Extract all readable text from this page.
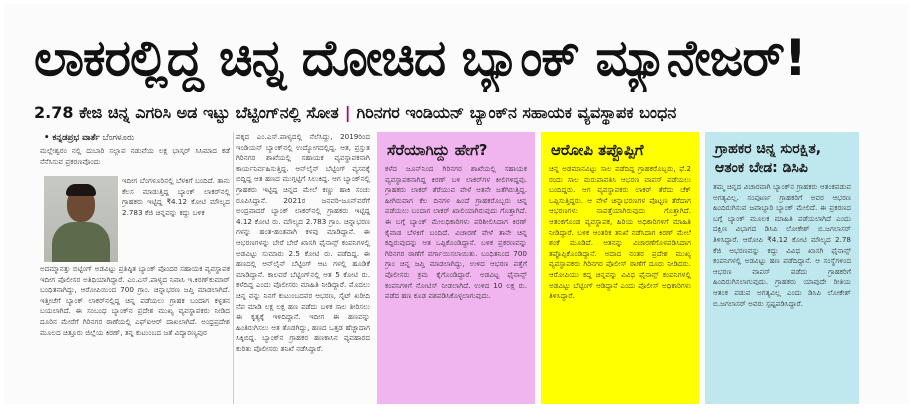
ಲಾಕರಲ್ಲಿದ್ದ ಚಿನ್ನ ದೋಚಿದ ಬ್ಯಾಂಕ್ ಮ್ಯಾನೇಜರ್!
2.78 ಕೇಜಿ ಚಿನ್ನ ಎಗರಿಸಿ ಅಡ ಇಟ್ಟು ಬೆಟ್ಟಿಂಗ್‌ನಲ್ಲಿ ಸೋತ | ಗಿರಿನಗರ ಇಂಡಿಯನ್ ಬ್ಯಾಂಕ್‌ನ ಸಹಾಯಕ ವ್ಯವಸ್ಥಾಪಕ ಬಂಧನ
• ಕನ್ನಡಪ್ರಭ ವಾರ್ತೆ ಬೆಂಗಳೂರು
ಮಲ್ಲೇಶ್ವರಂ ನಲ್ಲಿ ದುಬಾರಿ ಸಲ್ಲಾಪ ನಡುವೆಯ ಲಕ್ಷ ಭಾಸ್ಕರ್ ಸಿಸಿಮಾದ ಕಡೆ ನೆನೆಸಿಸುವ ಪ್ರಕರಣವೊಂದು
ಇದೀಗ ಬೆಂಗಳೂರಿನಲ್ಲಿ ಬೆಳಕಿಗೆ ಬಂದಿದೆ. ತಾನು ಕೆಲಸ ಮಾಡುತ್ತಿದ್ದ ಬ್ಯಾಂಕ್ ಲಾಕರ್‌ನಲ್ಲಿ ಗ್ರಾಹಕರು ಇಟ್ಟಿದ್ದ ₹4.12 ಕೋಟಿ ಮೌಲ್ಯದ 2.783 ಕೆಜಿ ಚಿನ್ನವನ್ನು ಕದ್ದು ಬಳಿಕ
ಅದಮ್ಮಾನತ್ತು ಬಿಟ್ಟಿಂಗ್‌ ಅಡವಿಟ್ಟು ಪ್ರತಿಷ್ಠಿತ ಬ್ಯಾಂಕ್ ಪೊಂದರ ಸಹಾಯಕ ವ್ಯವಸ್ಥಾಪಕ ಇದೀಗ ಪೊಲೀಸರ ಅತಿಥಿಯಾಗಿದ್ದಾರೆ. ಎಂ.ಎಸ್.ಪಾಳ್ಯದ ನಿವಾಸಿ ಇ.ಕಿರಣ್‌ಕುಮಾರ್ ಬಂಧಿತನಾಗಿದ್ದು, ಆರೋಪಿಯಿಂದ 700 ಗ್ರಾಂ. ಚಿನ್ನಾಭರಣ ಜಪ್ತಿ ಮಾಡಲಾಗಿದೆ. ಇತ್ತೀಚೆಗೆ ಬ್ಯಾಂಕ್ ಲಾಕರ್‌ನಲ್ಲಿದ್ದ ಚಿನ್ನ ಪಡೆಯಲು ಗ್ರಾಹಕ ಬಂದಾಗ ಕಳ್ಳತನ ಬಯಲಾಗಿದೆ. ಈ ಸಂಬಂಧ ಬ್ಯಾಂಕ್‌ನ ಪ್ರದೇಶ ಮುಖ್ಯ ವ್ಯವಸ್ಥಾಪಕರು ನೀಡಿದ ದೂರಿನ ಮೇರೆಗೆ ಗಿರಿನಗರ ಠಾಣೆಯಲ್ಲಿ ಎಫ್‌ಐಆರ್ ದಾಖಲಾಗಿದೆ. ಅಂಧ್ರಪ್ರದೇಶ ಮೂಲದ ಚಿತ್ತೂರು ಜಿಲ್ಲೆಯ ಕಿರಣ್, ತನ್ನ ಕುಟುಂಬದ ಜತೆ ವಿದ್ಯಾರಣ್ಯಪುರ
ಪಕ್ಕದ ಎಂ.ಎಸ್.ಪಾಳ್ಯದಲ್ಲಿ ನೆಲೆಸಿದ್ದು, 2019ರಿಂದ ಇಂಡಿಯನ್ ಬ್ಯಾಂಕ್‌ನಲ್ಲಿ ಉದ್ಯೋಗದಲ್ಲಿದ್ದ. ಆತ, ಪ್ರಸ್ತುತ ಗಿರಿನಗರ ಶಾಖೆಯಲ್ಲಿ ಸಹಾಯಕ ವ್ಯವಸ್ಥಾಪಕನಾಗಿ ಕಾರ್ಯನಿರ್ವಹಿಸುತ್ತಿದ್ದ. ಆನ್‌ಲೈನ್ ಬೆಟ್ಟಿಂಗ್ ವ್ಯಸನಕ್ಕೆ ಬಿದ್ದಿದ್ದ ಆತ ಹಣದ ಮುಗ್ಗಟ್ಟಿಗೆ ಸಿಲುಕಿದ್ದ. ಆಗ ಬ್ಯಾಂಕ್‌ನಲ್ಲಿ ಗ್ರಾಹಕರು ಇಟ್ಟಿದ್ದ ಚಿನ್ನದ ಮೇಲೆ ಕಣ್ಣು ಹಾಕಿ ಸಂಚು ರೂಪಿಸಿದ್ದಾನೆ. 2021ರ ಜನವರಿ-ಜೂನ್‌ವರೆಗೆ ಅಂದ್ರವಾದರೆ ಬ್ಯಾಂಕ್ ಲಾಕರ್‌ನಲ್ಲಿ ಗ್ರಾಹಕರು ಇಟ್ಟಿದ್ದ 4.12 ಕೋಟಿ ರು. ಮೌಲ್ಯದ 2.783 ಗ್ರಾಂ. ಚಿನ್ನಾಭರಣ ಗಳನ್ನು ಹಂತ-ಹಂತವಾಗಿ ಕಳವು ಮಾಡಿದ್ದಾನೆ. ಈ ಆಭರಣಗಳನ್ನು ಬೇರೆ ಬೇರೆ ಖಾಸಗಿ ಫೈನಾನ್ಸ್ ಕಂಪನಿಗಳಲ್ಲಿ ಅಡವಿಟ್ಟು ಸುಮಾರು 2.5 ಕೋಟಿ ರು. ಪಡೆದಿದ್ದ. ಈ ಹಣದಲ್ಲಿ ಆನ್‌ಲೈನ್ ಬೆಟ್ಟಿಂಗ್ ಆಟ ಗಳಲ್ಲಿ ಹೂಡಿಕೆ ಮಾಡಿದ್ದಾನೆ. ಕಾಲವರೆ ಬೆಟ್ಟಿಂಗ್‌ನಲ್ಲಿ ಆತ 5 ಕೋಟಿ ರು. ಕಳೆದಿದ್ದ ಎಂದು ಪೊಲೀಸರು ಮಾಹಿತಿ ನೀಡಿದ್ದಾರೆ. ಮೊದಲು ಚಿನ್ನ ವನ್ನು ನಿನಗೆ ಕುಟುಂಬದವರ ಆಭರಣ, ಸೈಟ್ ಖರೀದಿ ನೆಪ ಮಾಡಿ ಲಕ್ಷ ಲಕ್ಷ ಹಣ ಪಡೆದು ಬಳಿಕ ಸಾಲ ತೀರಿಸಲು ಈ ಕೃತ್ಯಕ್ಕೆ ಇಳಿದಿದ್ದಾನೆ. ಇದೀಗ ಈ ಹಣವನ್ನು ಹಿಂತಿರುಗಿಸಲು ಆತ ತೊಡಗಿದ್ದು, ಹಣದ ಒತ್ತಡ ಹೆಚ್ಚಾದಾಗ ಸಿಕ್ಕಿಬಿದ್ದ. ಬ್ಯಾಂಕ್‌ನ ಗ್ರಾಹಕರ ಹಣಕಾಸಿನ ವ್ಯವಹಾರದ ಕುರಿತು ಪೊಲೀಸರು ತನಿಖೆ ನಡೆಸಿದ್ದಾರೆ.
ಸೆರೆಯಾಗಿದ್ದು ಹೇಗೆ?
ಕಳೆದ ಜೂನ್‌ನಿಂದ ಗಿರಿನಗರ ಶಾಖೆಯಲ್ಲಿ ಸಹಾಯಕ ವ್ಯವಸ್ಥಾಪಕನಾಗಿದ್ದ ಕಿರಣ್ ಬಳಿ ಲಾಕರ್‌ಗಳ ಕೀಲಿಗಳಿದ್ದವು. ಗ್ರಾಹಕರು ಲಾಕರ್ ತೆರೆಯುವ ವೇಳೆ ಆತನೇ ಜತೆಗಿರುತ್ತಿದ್ದ. ಹೀಗಿರುವಾಗ ಕೆಲ ದಿನಗಳ ಹಿಂದೆ ಗ್ರಾಹಕರೊಬ್ಬರು ಚಿನ್ನ ಪಡೆಯಲು ಬಂದಾಗ ಲಾಕರ್ ಖಾಲಿಯಾಗಿರುವುದು ಗೊತ್ತಾಗಿದೆ. ಈ ಬಗ್ಗೆ ಬ್ಯಾಂಕ್ ಮೇಲಧಿಕಾರಿಗಳು ಪರಿಶೀಲಿಸಿದಾಗ ಕಿರಣ್ ಕೈವಾಡ ಬೆಳಕಿಗೆ ಬಂದಿದೆ. ವಿಚಾರಣೆ ವೇಳೆ ತಾನೇ ಚಿನ್ನ ಕದ್ದಿರುವುದನ್ನು ಆತ ಒಪ್ಪಿಕೊಂಡಿದ್ದಾನೆ. ಬಳಿಕ ಪ್ರಕರಣವನ್ನು ಗಿರಿನಗರ ಠಾಣೆಗೆ ವರ್ಗಾಯಿಸಲಾಯಿತು. ಬಂಧಿತನಿಂದ 700 ಗ್ರಾಂ ಚಿನ್ನ ಜಪ್ತಿ ಮಾಡಲಾಗಿದ್ದು, ಉಳಿದ ಆಭರಣ ಪತ್ತೆಗೆ ಪೊಲೀಸರು ಕ್ರಮ ಕೈಗೊಂಡಿದ್ದಾರೆ. ಅಡವಿಟ್ಟ ಫೈನಾನ್ಸ್ ಕಂಪನಿಗಳಿಗೆ ನೋಟಿಸ್ ನೀಡಲಾಗಿದೆ. ಉಳಿದ 10 ಲಕ್ಷ ರು. ಪಡೆದ ಹಣ ಕೂಡ ವಶಪಡಿಸಿಕೊಳ್ಳಲಾಗುವುದು.
ಆರೋಪಿ ತಪ್ಪೊಪ್ಪಿಗೆ
ಚಿನ್ನ ಅಡಮಾನವಿಟ್ಟು ಸಾಲ ಪಡೆದಿದ್ದ ಗ್ರಾಹಕರೊಬ್ಬರು, ಫೆ.2 ರಂದು ಸಾಲ ಮರುಪಾವತಿಸಿ ಆಭರಣ ವಾಪಸ್ ಪಡೆಯಲು ಬಂದಿದ್ದರು. ಆಗ ವ್ಯವಸ್ಥಾಪಕರು ಲಾಕರ್ ತೆರೆದು ಚೆಕ್ ಒಪ್ಪಿಸುತ್ತಿದ್ದರು. ಆ ವೇಳೆ ಚಿನ್ನಾಭರಣಗಳ ಪೊಟ್ಟಣ ತೆರೆದಾಗ ಆಭರಣಗಳು ನಾಪತ್ತೆಯಾಗಿರುವುದು ಗೊತ್ತಾಗಿದೆ. ಆತಂಕಗೊಂಡ ವ್ಯವಸ್ಥಾಪಕ, ಹಿರಿಯ ಅಧಿಕಾರಿಗಳಿಗೆ ಮಾಹಿತಿ ನೀಡಿದ್ದಾರೆ. ಬಳಿಕ ಆಂತರಿಕ ತನಿಖೆ ನಡೆಸಿದಾಗ ಕಿರಣ್ ಮೇಲೆ ಶಂಕೆ ಮೂಡಿದೆ. ಆತನನ್ನು ವಿಚಾರಣೆಗೊಳಪಡಿಸಿದಾಗ ತಪ್ಪೊಪ್ಪಿಕೊಂಡಿದ್ದಾನೆ. ಅದಾದ ನಂತರ ಪ್ರದೇಶ ಮುಖ್ಯ ವ್ಯವಸ್ಥಾಪಕರು ಗಿರಿನಗರ ಪೊಲೀಸ್ ಠಾಣೆಗೆ ದೂರು ನೀಡಿದರು. ಆರೋಪಿಯು ಕದ್ದ ಚಿನ್ನವನ್ನು ವಿವಿಧ ಫೈನಾನ್ಸ್ ಕಂಪನಿಗಳಲ್ಲಿ ಅಡವಿಟ್ಟು ಬೆಟ್ಟಿಂಗ್ ಆಡಿದ್ದಾನೆ ಎಂದು ಪೊಲೀಸ್ ಅಧಿಕಾರಿಗಳು ತಿಳಿಸಿದ್ದಾರೆ.
ಗ್ರಾಹಕರ ಚಿನ್ನ ಸುರಕ್ಷಿತ, ಆತಂಕ ಬೇಡ: ಡಿಸಿಪಿ
ತಮ್ಮ ಚಿನ್ನದ ವಿಚಾರವಾಗಿ ಬ್ಯಾಂಕ್‌ನ ಗ್ರಾಹಕರು ಆತಂಕಪಡುವ ಅಗತ್ಯವಿಲ್ಲ. ಸಂಪೂರ್ಣ ಗ್ರಾಹಕರಿಗೆ ಅವರ ಆಭರಣ ಹಿಂದಿರುಗಿಸುವ ಜವಾಬ್ದಾರಿ ಬ್ಯಾಂಕ್ ಮೇಲಿದೆ. ಈ ಪ್ರಕರಣದ ಬಗ್ಗೆ ಬ್ಯಾಂಕ್ ಮೂಲಕ ಮಾಹಿತಿ ಪಡೆಯಲಾಗಿದೆ ಎಂದು ದಕ್ಷಿಣ ವಿಭಾಗದ ಡಿಸಿಪಿ ಲೋಕೇಶ್ ಬಿ.ಜಗಲಾಸರ್ ತಿಳಿಸಿದ್ದಾರೆ. ಆರೋಪಿ ₹4.12 ಕೋಟಿ ಮೌಲ್ಯದ 2.78 ಕೆಜಿ ಆಭರಣವನ್ನು ಕದ್ದು ವಿವಿಧ ಖಾಸಗಿ ಫೈನಾನ್ಸ್ ಕಂಪನಿಗಳಲ್ಲಿ ಅಡವಿಟ್ಟು ಹಣ ಪಡೆದಿದ್ದಾನೆ. ಆ ಸಂಸ್ಥೆಗಳಿಂದ ಆಭರಣ ವಾಪಸ್ ಪಡೆದು ಗ್ರಾಹಕರಿಗೆ ಹಿಂದಿರುಗಿಸಲಾಗುವುದು. ಗ್ರಾಹಕರು ಯಾವುದೇ ರೀತಿಯ ಆತಂಕ ಪಡುವ ಅಗತ್ಯವಿಲ್ಲ ಎಂದು ಡಿಸಿಪಿ ಲೋಕೇಶ್ ಬಿ.ಜಗಲಾಸರ್ ಅವರು ಸ್ಪಷ್ಟಪಡಿಸಿದ್ದಾರೆ.
